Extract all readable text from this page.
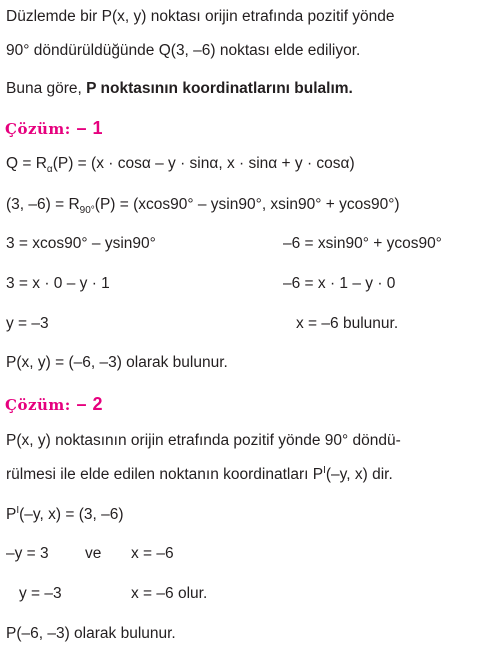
Düzlemde bir P(x, y) noktası orijin etrafında pozitif yönde
90° döndürüldüğünde Q(3, –6) noktası elde ediliyor.
Buna göre, P noktasının koordinatlarını bulalım.
Çözüm: – 1
$Q = R_\alpha(P) = (x \cdot \cos\alpha - y \cdot \sin\alpha$, x · sinα + y · cosα)
(3, $-6) = R_{90^\circ}(P) = (xcos90^\circ - ysin90^\circ$, xsin90° + ycos90°)
3 = xcos90° – ysin90°	–6 = xsin90° + ycos90°
3 = x · 0 – y · 1	–6 = x · 1 – y · 0
y = –3	x = –6 bulunur.
P(x, y) = (–6, –3) olarak bulunur.
Çözüm: – 2
P(x, y) noktasının orijin etrafında pozitif yönde 90° döndü-
rülmesi ile elde edilen noktanın koordinatları $P^I(-y$, x) dir.
$P^I(-y$, x) = (3, –6)
–y = 3 ve x = –6
y = –3	x = –6 olur.
P(–6, –3) olarak bulunur.
